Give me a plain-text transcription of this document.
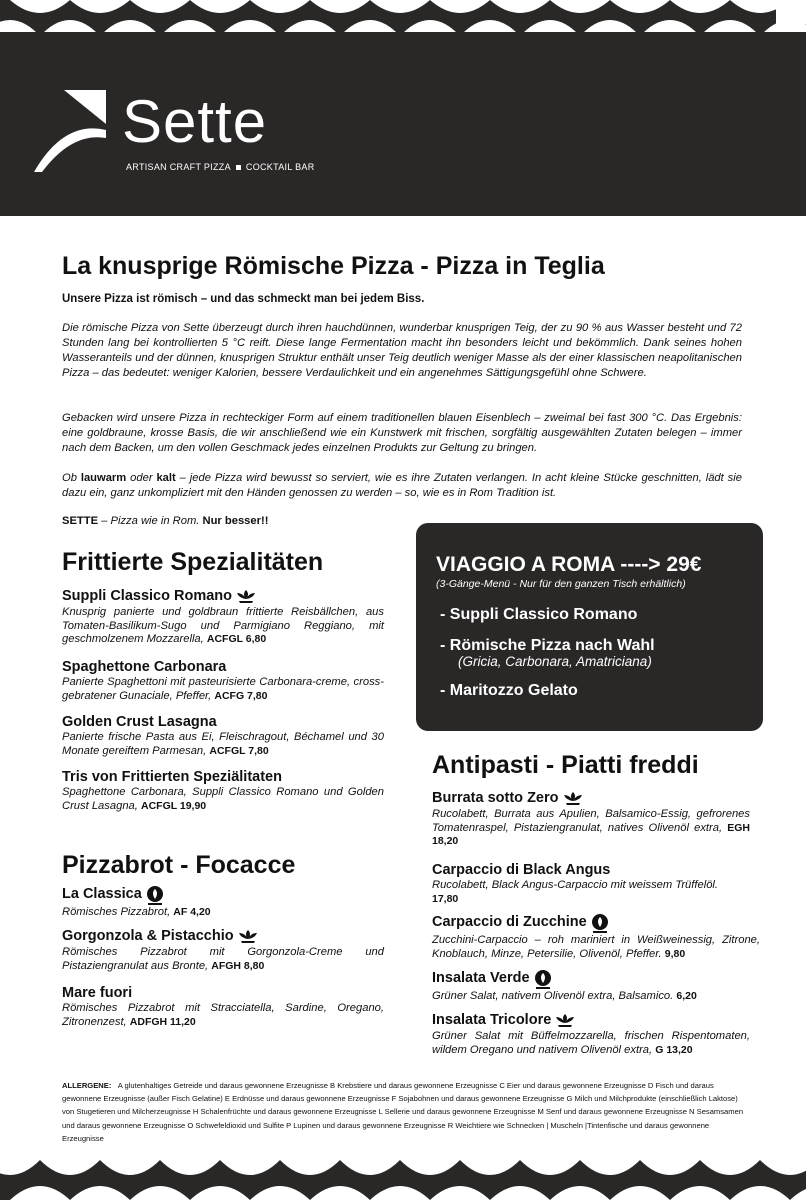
Sette
ARTISAN CRAFT PIZZA COCKTAIL BAR
La knusprige Römische Pizza - Pizza in Teglia
Unsere Pizza ist römisch – und das schmeckt man bei jedem Biss.
Die römische Pizza von Sette überzeugt durch ihren hauchdünnen, wunderbar knusprigen Teig, der zu 90 % aus Wasser besteht und 72 Stunden lang bei kontrollierten 5 °C reift. Diese lange Fermentation macht ihn besonders leicht und bekömmlich. Dank seines hohen Wasseranteils und der dünnen, knusprigen Struktur enthält unser Teig deutlich weniger Masse als der einer klassischen neapolitanischen Pizza – das bedeutet: weniger Kalorien, bessere Verdaulichkeit und ein angenehmes Sättigungsgefühl ohne Schwere.
Gebacken wird unsere Pizza in rechteckiger Form auf einem traditionellen blauen Eisenblech – zweimal bei fast 300 °C. Das Ergebnis: eine goldbraune, krosse Basis, die wir anschließend wie ein Kunstwerk mit frischen, sorgfältig ausgewählten Zutaten belegen – immer nach dem Backen, um den vollen Geschmack jedes einzelnen Produkts zur Geltung zu bringen.
Ob lauwarm oder kalt – jede Pizza wird bewusst so serviert, wie es ihre Zutaten verlangen. In acht kleine Stücke geschnitten, lädt sie dazu ein, ganz unkompliziert mit den Händen genossen zu werden – so, wie es in Rom Tradition ist.
SETTE – Pizza wie in Rom. Nur besser!!
Frittierte Spezialitäten
Suppli Classico Romano
Knusprig panierte und goldbraun frittierte Reisbällchen, aus Tomaten-Basilikum-Sugo und Parmigiano Reggiano, mit geschmolzenem Mozzarella, ACFGL 6,80
Spaghettone Carbonara
Panierte Spaghettoni mit pasteurisierte Carbonara-creme, cross-gebratener Gunaciale, Pfeffer, ACFG 7,80
Golden Crust Lasagna
Panierte frische Pasta aus Ei, Fleischragout, Béchamel und 30 Monate gereiftem Parmesan, ACFGL 7,80
Tris von Frittierten Speziälitaten
Spaghettone Carbonara, Suppli Classico Romano und Golden Crust Lasagna, ACFGL 19,90
Pizzabrot - Focacce
La Classica
Römisches Pizzabrot, AF 4,20
Gorgonzola & Pistacchio
Römisches Pizzabrot mit Gorgonzola-Creme und Pistaziengranulat aus Bronte, AFGH 8,80
Mare fuori
Römisches Pizzabrot mit Stracciatella, Sardine, Oregano, Zitronenzest, ADFGH 11,20
VIAGGIO A ROMA ----> 29€
(3-Gänge-Menü - Nur für den ganzen Tisch erhältlich)
- Suppli Classico Romano
- Römische Pizza nach Wahl
(Gricia, Carbonara, Amatriciana)
- Maritozzo Gelato
Antipasti - Piatti freddi
Burrata sotto Zero
Rucolabett, Burrata aus Apulien, Balsamico-Essig, gefrorenes Tomatenraspel, Pistaziengranulat, natives Olivenöl extra, EGH 18,20
Carpaccio di Black Angus
Rucolabett, Black Angus-Carpaccio mit weissem Trüffelöl.
17,80
Carpaccio di Zucchine
Zucchini-Carpaccio – roh mariniert in Weißweinessig, Zitrone, Knoblauch, Minze, Petersilie, Olivenöl, Pfeffer. 9,80
Insalata Verde
Grüner Salat, nativem Olivenöl extra, Balsamico. 6,20
Insalata Tricolore
Grüner Salat mit Büffelmozzarella, frischen Rispentomaten, wildem Oregano und nativem Olivenöl extra, G 13,20
ALLERGENE: A glutenhaltiges Getreide und daraus gewonnene Erzeugnisse B Krebstiere und daraus gewonnene Erzeugnisse C Eier und daraus gewonnene Erzeugnisse D Fisch und daraus gewonnene Erzeugnisse (außer Fisch Gelatine) E Erdnüsse und daraus gewonnene Erzeugnisse F Sojabohnen und daraus gewonnene Erzeugnisse G Milch und Milchprodukte (einschließlich Laktose) von Stugetieren und Milcherzeugnisse H Schalenfrüchte und daraus gewonnene Erzeugnisse L Sellerie und daraus gewonnene Erzeugnisse M Senf und daraus gewonnene Erzeugnisse N Sesamsamen und daraus gewonnene Erzeugnisse O Schwefeldioxid und Sulfite P Lupinen und daraus gewonnene Erzeugnisse R Weichtiere wie Schnecken | Muscheln |Tintenfische und daraus gewonnene Erzeugnisse
